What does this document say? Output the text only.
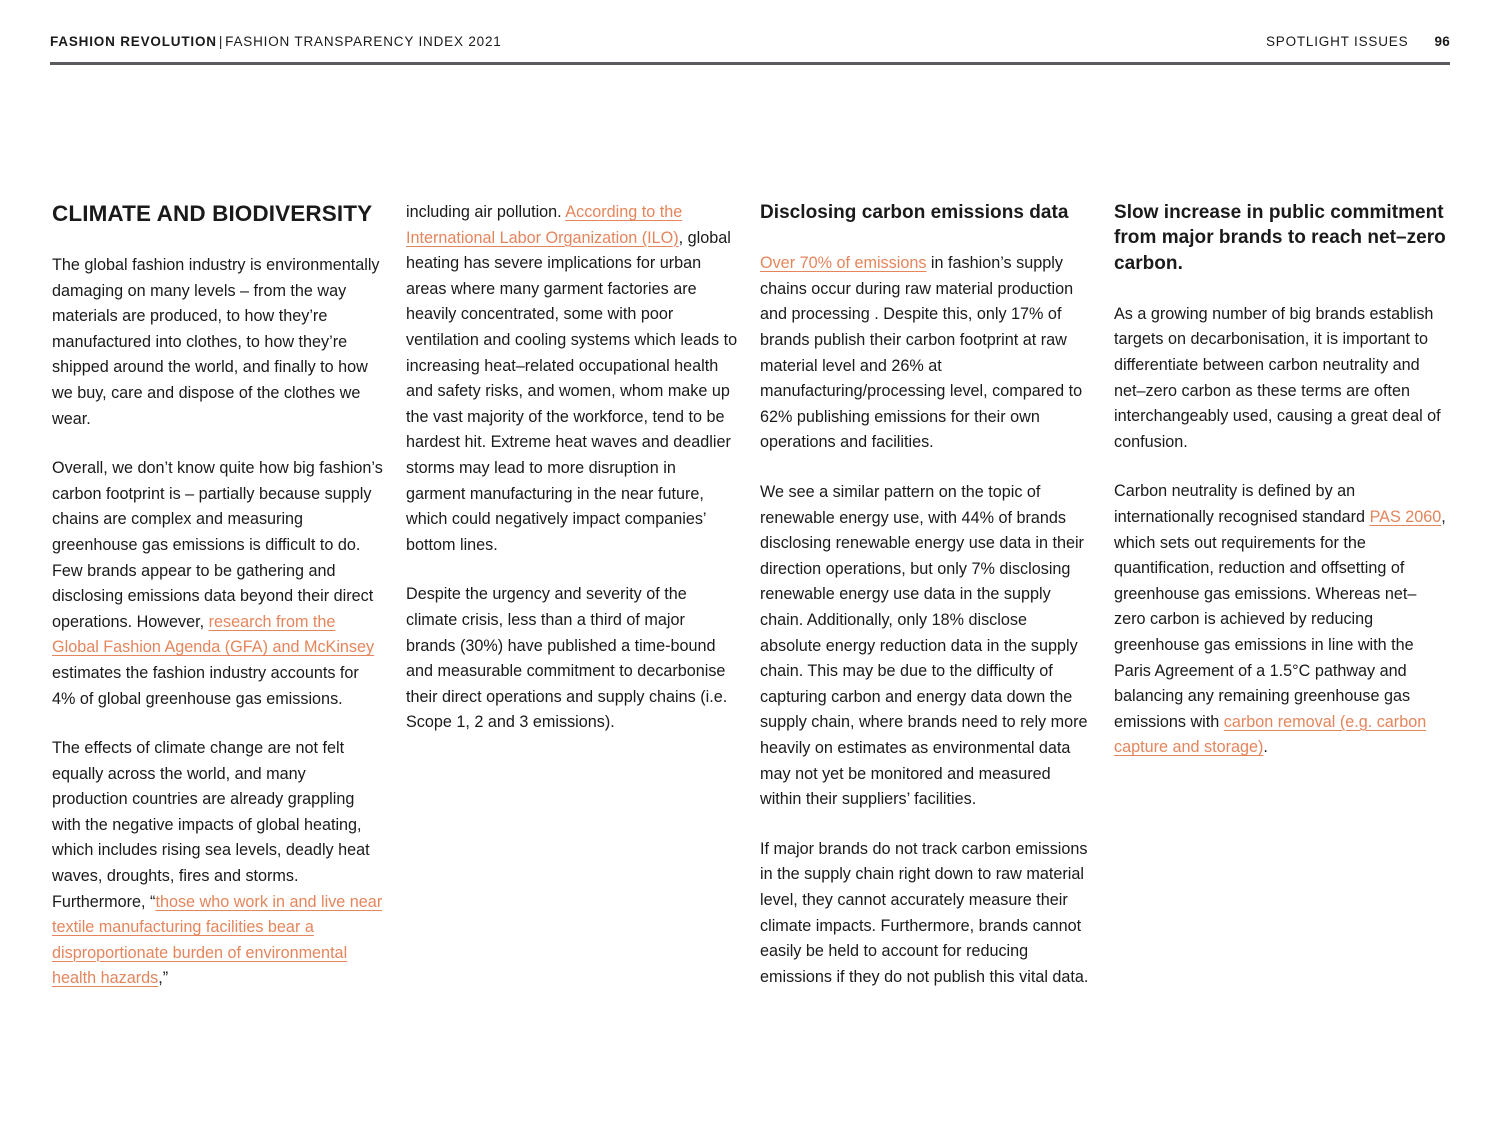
FASHION REVOLUTION | FASHION TRANSPARENCY INDEX 2021	SPOTLIGHT ISSUES 96
CLIMATE AND BIODIVERSITY

The global fashion industry is environmentally damaging on many levels – from the way materials are produced, to how they’re manufactured into clothes, to how they’re shipped around the world, and finally to how we buy, care and dispose of the clothes we wear.

Overall, we don’t know quite how big fashion’s carbon footprint is – partially because supply chains are complex and measuring greenhouse gas emissions is difficult to do. Few brands appear to be gathering and disclosing emissions data beyond their direct operations. However, research from the Global Fashion Agenda (GFA) and McKinsey estimates the fashion industry accounts for 4% of global greenhouse gas emissions.

The effects of climate change are not felt equally across the world, and many production countries are already grappling with the negative impacts of global heating, which includes rising sea levels, deadly heat waves, droughts, fires and storms. Furthermore, “those who work in and live near textile manufacturing facilities bear a disproportionate burden of environmental health hazards,”

including air pollution. According to the International Labor Organization (ILO), global heating has severe implications for urban areas where many garment factories are heavily concentrated, some with poor ventilation and cooling systems which leads to increasing heat–related occupational health and safety risks, and women, whom make up the vast majority of the workforce, tend to be hardest hit. Extreme heat waves and deadlier storms may lead to more disruption in garment manufacturing in the near future, which could negatively impact companies’ bottom lines.

Despite the urgency and severity of the climate crisis, less than a third of major brands (30%) have published a time-bound and measurable commitment to decarbonise their direct operations and supply chains (i.e. Scope 1, 2 and 3 emissions).

Disclosing carbon emissions data

Over 70% of emissions in fashion’s supply chains occur during raw material production and processing . Despite this, only 17% of brands publish their carbon footprint at raw material level and 26% at manufacturing/processing level, compared to 62% publishing emissions for their own operations and facilities.

We see a similar pattern on the topic of renewable energy use, with 44% of brands disclosing renewable energy use data in their direction operations, but only 7% disclosing renewable energy use data in the supply chain. Additionally, only 18% disclose absolute energy reduction data in the supply chain. This may be due to the difficulty of capturing carbon and energy data down the supply chain, where brands need to rely more heavily on estimates as environmental data may not yet be monitored and measured within their suppliers’ facilities.

If major brands do not track carbon emissions in the supply chain right down to raw material level, they cannot accurately measure their climate impacts. Furthermore, brands cannot easily be held to account for reducing emissions if they do not publish this vital data.

Slow increase in public commitment from major brands to reach net–zero carbon.

As a growing number of big brands establish targets on decarbonisation, it is important to differentiate between carbon neutrality and net–zero carbon as these terms are often interchangeably used, causing a great deal of confusion.

Carbon neutrality is defined by an internationally recognised standard PAS 2060, which sets out requirements for the quantification, reduction and offsetting of greenhouse gas emissions. Whereas net–zero carbon is achieved by reducing greenhouse gas emissions in line with the Paris Agreement of a 1.5°C pathway and balancing any remaining greenhouse gas emissions with carbon removal (e.g. carbon capture and storage).
